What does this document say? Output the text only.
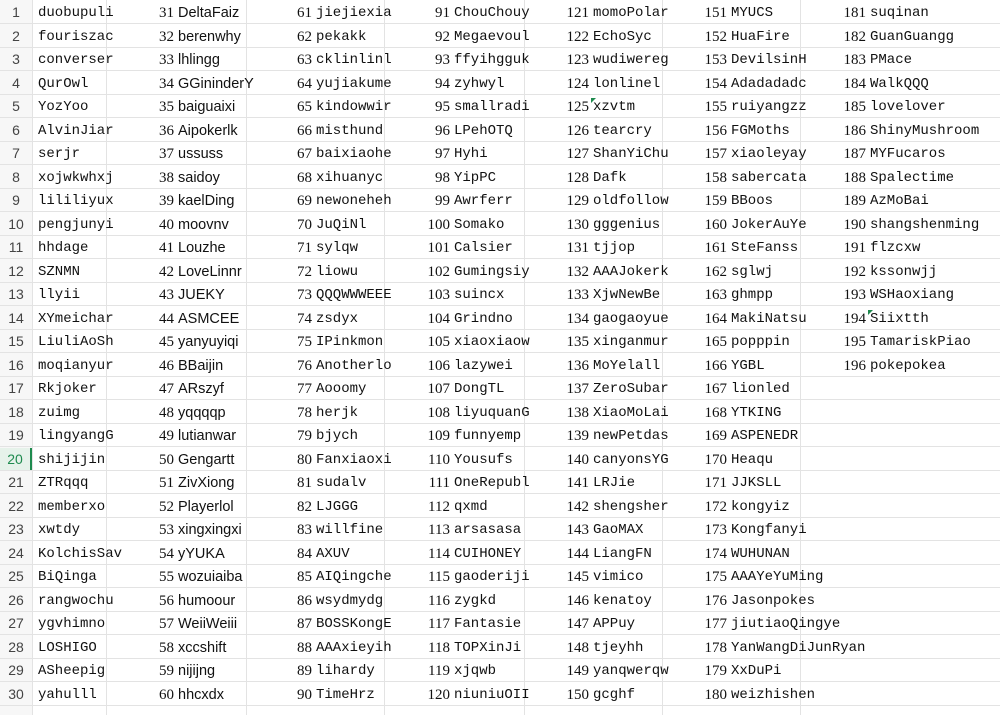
1	duobupuli	31 DeltaFaiz	61 jiejiexia	91 ChouChouy	121 momoPolar	151 MYUCS	181 suqinan
2	fouriszac	32 berenwhy	62 pekakk	92 Megaevoul	122 EchoSyc	152 HuaFire	182 GuanGuangg
3	converser	33 lhlingg	63 cklinlinl	93 ffyihgguk	123 wudiwereg	153 DevilsinH	183 PMace
4	QurOwl	34 GGininderY	64 yujiakume	94 zyhwyl	124 lonlinel	154 Adadadadc	184 WalkQQQ
5	YozYoo	35 baiguaixi	65 kindowwir	95 smallradi	125 xzvtm	155 ruiyangzz	185 lovelover
6	AlvinJiar	36 Aipokerlk	66 misthund	96 LPehOTQ	126 tearcry	156 FGMoths	186 ShinyMushroom
7	serjr	37 ussuss	67 baixiaohe	97 Hyhi	127 ShanYiChu	157 xiaoleyay	187 MYFucaros
8	xojwkwhxj	38 saidoy	68 xihuanyc	98 YipPC	128 Dafk	158 sabercata	188 Spalectime
9	lililiyux	39 kaelDing	69 newoneheh	99 Awrferr	129 oldfollow	159 BBoos	189 AzMoBai
10	pengjunyi	40 moovnv	70 JuQiNl	100 Somako	130 gggenius	160 JokerAuYe	190 shangshenming
11	hhdage	41 Louzhe	71 sylqw	101 Calsier	131 tjjop	161 SteFanss	191 flzcxw
12	SZNMN	42 LoveLinnr	72 liowu	102 Gumingsiy	132 AAAJokerk	162 sglwj	192 kssonwjj
13	llyii	43 JUEKY	73 QQQWWWEEE	103 suincx	133 XjwNewBe	163 ghmpp	193 WSHaoxiang
14	XYmeichar	44 ASMCEE	74 zsdyx	104 Grindno	134 gaogaoyue	164 MakiNatsu	194 Siixtth
15	LiuliAoSh	45 yanyuyiqi	75 IPinkmon	105 xiaoxiaow	135 xinganmur	165 popppin	195 TamariskPiao
16	moqianyur	46 BBaijin	76 Anotherlo	106 lazywei	136 MoYelall	166 YGBL	196 pokepokea
17	Rkjoker	47 ARszyf	77 Aooomy	107 DongTL	137 ZeroSubar	167 lionled
18	zuimg	48 yqqqqp	78 herjk	108 liyuquanG	138 XiaoMoLai	168 YTKING
19	lingyangG	49 lutianwar	79 bjych	109 funnyemp	139 newPetdas	169 ASPENEDR
20	shijijin	50 Gengartt	80 Fanxiaoxi	110 Yousufs	140 canyonsYG	170 Heaqu
21	ZTRqqq	51 ZivXiong	81 sudalv	111 OneRepubl	141 LRJie	171 JJKSLL
22	memberxo	52 Playerlol	82 LJGGG	112 qxmd	142 shengsher	172 kongyiz
23	xwtdy	53 xingxingxi	83 willfine	113 arsasasa	143 GaoMAX	173 Kongfanyi
24	KolchisSav	54 yYUKA	84 AXUV	114 CUIHONEY	144 LiangFN	174 WUHUNAN
25	BiQinga	55 wozuiaiba	85 AIQingche	115 gaoderiji	145 vimico	175 AAAYeYuMing
26	rangwochu	56 humoour	86 wsydmydg	116 zygkd	146 kenatoy	176 Jasonpokes
27	ygvhimno	57 WeiiWeiii	87 BOSSKongE	117 Fantasie	147 APPuy	177 jiutiaoQingye
28	LOSHIGO	58 xccshift	88 AAAxieyih	118 TOPXinJi	148 tjeyhh	178 YanWangDiJunRyan
29	ASheepig	59 nijijng	89 lihardy	119 xjqwb	149 yanqwerqw	179 XxDuPi
30	yahulll	60 hhcxdx	90 TimeHrz	120 niuniuOII	150 gcghf	180 weizhishen
